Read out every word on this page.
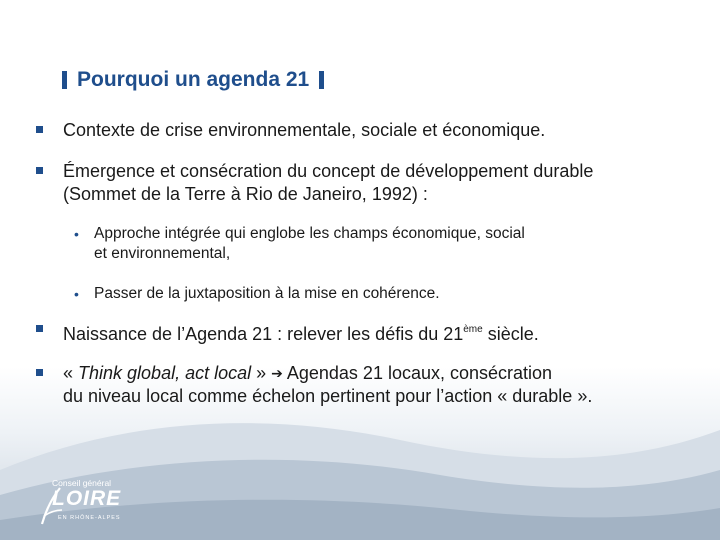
Pourquoi un agenda 21
Contexte de crise environnementale, sociale et économique.
Émergence et consécration du concept de développement durable
(Sommet de la Terre à Rio de Janeiro, 1992) :
• Approche intégrée qui englobe les champs économique, social
et environnemental,
• Passer de la juxtaposition à la mise en cohérence.
Naissance de l’Agenda 21 : relever les défis du 21ème siècle.
« Think global, act local » ➔ Agendas 21 locaux, consécration
du niveau local comme échelon pertinent pour l’action « durable ».
Conseil général
LOIRE
EN RHÔNE-ALPES
